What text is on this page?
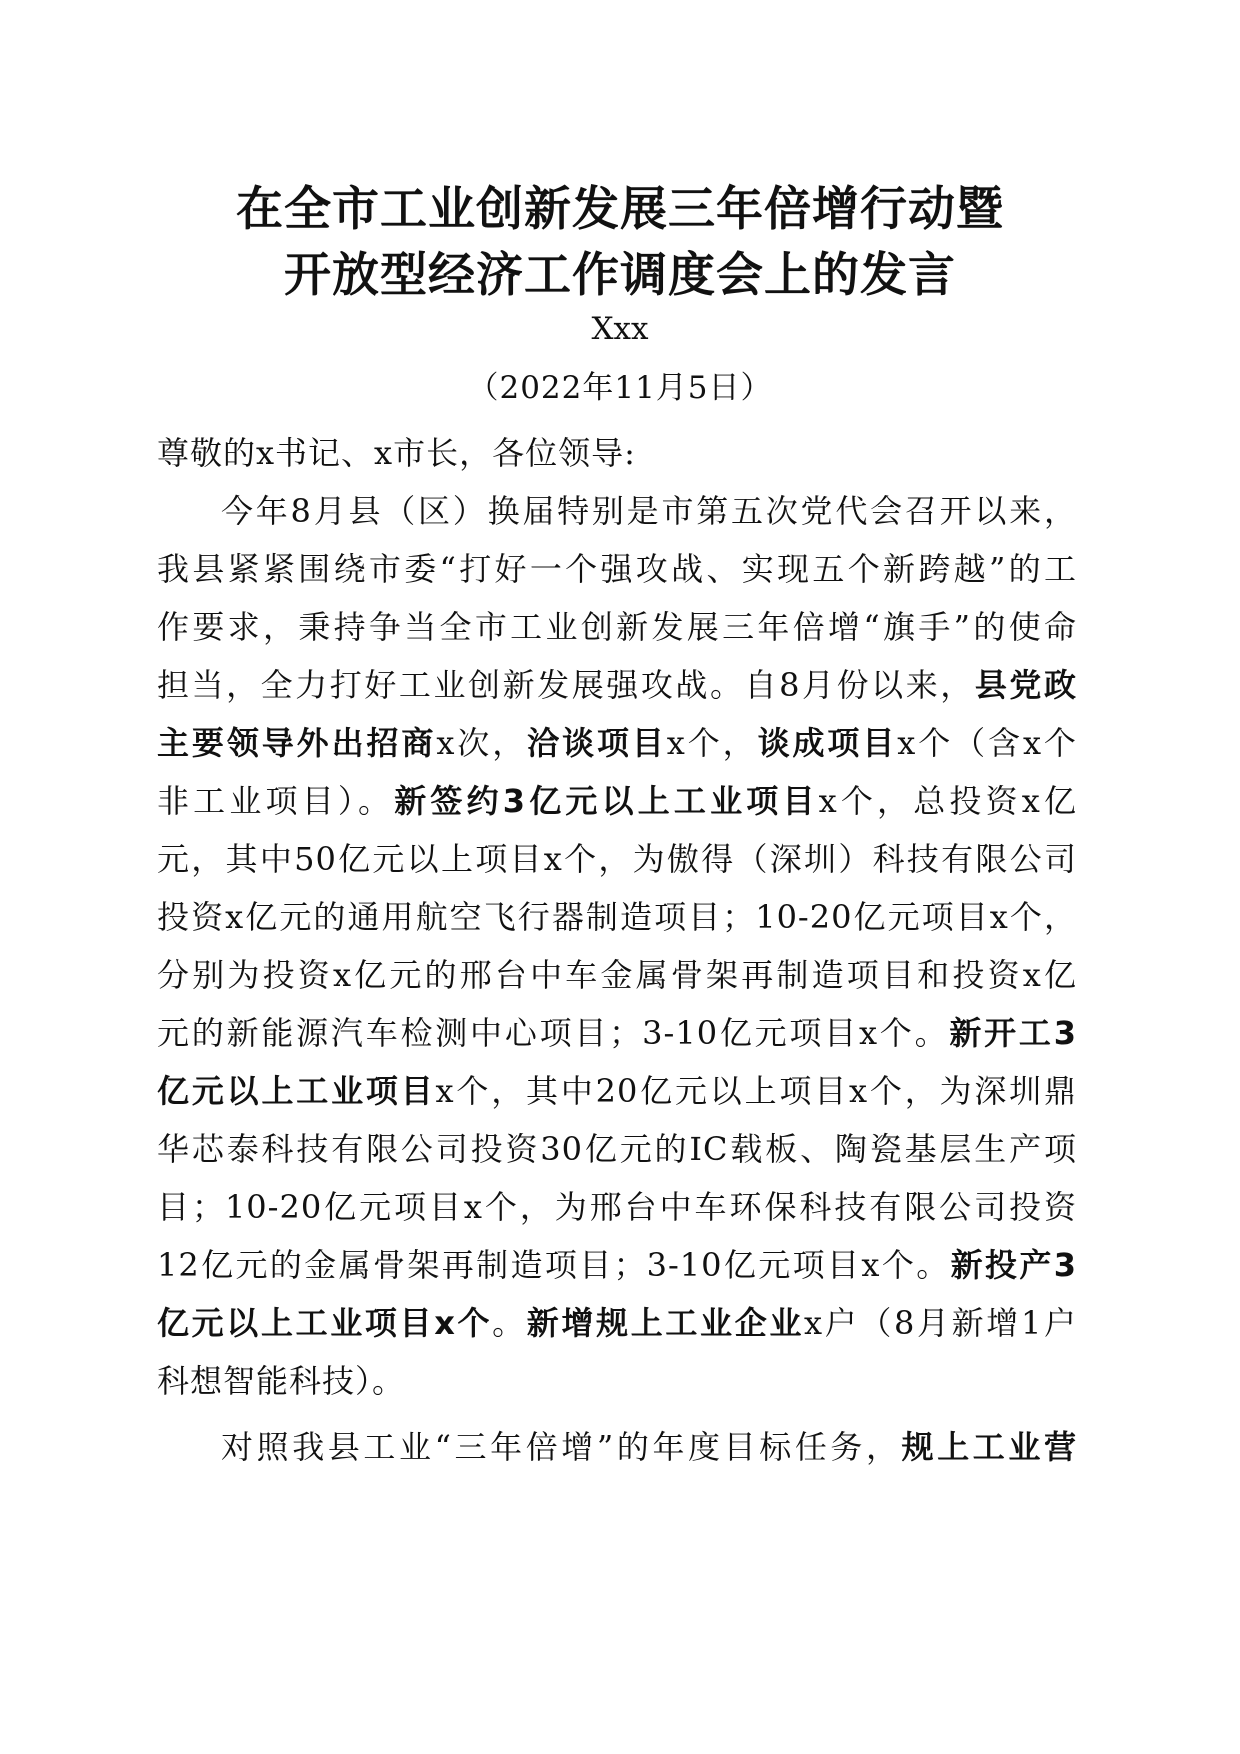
在全市工业创新发展三年倍增行动暨
开放型经济工作调度会上的发言
Xxx
（2022年11月5日）
尊敬的x书记、x市长，各位领导:
今年8月县（区）换届特别是市第五次党代会召开以来，
我县紧紧围绕市委“打好一个强攻战、实现五个新跨越”的工
作要求，秉持争当全市工业创新发展三年倍增“旗手”的使命
担当，全力打好工业创新发展强攻战。自8月份以来，县党政
主要领导外出招商x次，洽谈项目x个，谈成项目x个（含x个
非工业项目）。新签约3亿元以上工业项目x个，总投资x亿
元，其中50亿元以上项目x个，为傲得（深圳）科技有限公司
投资x亿元的通用航空飞行器制造项目；10-20亿元项目x个，
分别为投资x亿元的邢台中车金属骨架再制造项目和投资x亿
元的新能源汽车检测中心项目；3-10亿元项目x个。新开工3
亿元以上工业项目x个，其中20亿元以上项目x个，为深圳鼎
华芯泰科技有限公司投资30亿元的IC载板、陶瓷基层生产项
目；10-20亿元项目x个，为邢台中车环保科技有限公司投资
12亿元的金属骨架再制造项目；3-10亿元项目x个。新投产3
亿元以上工业项目x个。新增规上工业企业x户（8月新增1户
科想智能科技）。
对照我县工业“三年倍增”的年度目标任务，规上工业营
